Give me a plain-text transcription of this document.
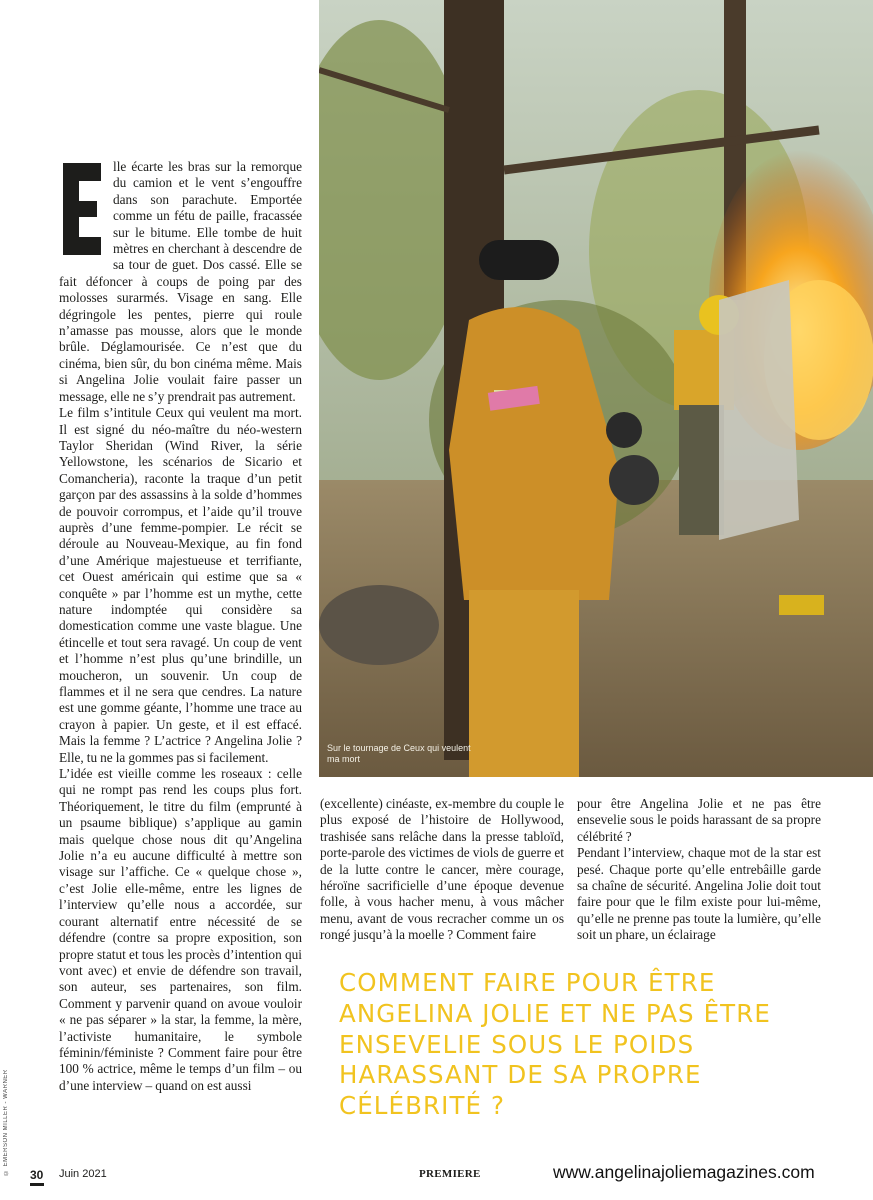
Sur le tournage de Ceux qui veulent ma mort

lle écarte les bras sur la remorque du camion et le vent s’engouffre dans son parachute. Emportée comme un fétu de paille, fracassée sur le bitume. Elle tombe de huit mètres en cherchant à descendre de sa tour de guet. Dos cassé. Elle se fait défoncer à coups de poing par des molosses surarmés. Visage en sang. Elle dégringole les pentes, pierre qui roule n’amasse pas mousse, alors que le monde brûle. Déglamourisée. Ce n’est que du cinéma, bien sûr, du bon cinéma même. Mais si Angelina Jolie voulait faire passer un message, elle ne s’y prendrait pas autrement.

Le film s’intitule Ceux qui veulent ma mort. Il est signé du néo-maître du néo-western Taylor Sheridan (Wind River, la série Yellowstone, les scénarios de Sicario et Comancheria), raconte la traque d’un petit garçon par des assassins à la solde d’hommes de pouvoir corrompus, et l’aide qu’il trouve auprès d’une femme-pompier. Le récit se déroule au Nouveau-Mexique, au fin fond d’une Amérique majestueuse et terrifiante, cet Ouest américain qui estime que sa « conquête » par l’homme est un mythe, cette nature indomptée qui considère sa domestication comme une vaste blague. Une étincelle et tout sera ravagé. Un coup de vent et l’homme n’est plus qu’une brindille, un moucheron, un souvenir. Un coup de flammes et il ne sera que cendres. La nature est une gomme géante, l’homme une trace au crayon à papier. Un geste, et il est effacé. Mais la femme ? L’actrice ? Angelina Jolie ? Elle, tu ne la gommes pas si facilement.

L’idée est vieille comme les roseaux : celle qui ne rompt pas rend les coups plus fort. Théoriquement, le titre du film (emprunté à un psaume biblique) s’applique au gamin mais quelque chose nous dit qu’Angelina Jolie n’a eu aucune difficulté à mettre son visage sur l’affiche. Ce « quelque chose », c’est Jolie elle-même, entre les lignes de l’interview qu’elle nous a accordée, sur courant alternatif entre nécessité de se défendre (contre sa propre exposition, son propre statut et tous les procès d’intention qui vont avec) et envie de défendre son travail, son auteur, ses partenaires, son film. Comment y parvenir quand on avoue vouloir « ne pas séparer » la star, la femme, la mère, l’activiste humanitaire, le symbole féminin/féministe ? Comment faire pour être 100 % actrice, même le temps d’un film – ou d’une interview – quand on est aussi

(excellente) cinéaste, ex-membre du couple le plus exposé de l’histoire de Hollywood, trashisée sans relâche dans la presse tabloïd, porte-parole des victimes de viols de guerre et de la lutte contre le cancer, mère courage, héroïne sacrificielle d’une époque devenue folle, à vous hacher menu, à vous mâcher menu, avant de vous recracher comme un os rongé jusqu’à la moelle ? Comment faire

pour être Angelina Jolie et ne pas être ensevelie sous le poids harassant de sa propre célébrité ?

Pendant l’interview, chaque mot de la star est pesé. Chaque porte qu’elle entrebâille garde sa chaîne de sécurité. Angelina Jolie doit tout faire pour que le film existe pour lui-même, qu’elle ne prenne pas toute la lumière, qu’elle soit un phare, un éclairage

COMMENT FAIRE POUR ÊTRE ANGELINA JOLIE ET NE PAS ÊTRE ENSEVELIE SOUS LE POIDS HARASSANT DE SA PROPRE CÉLÉBRITÉ ?
© EMERSON MILLER - WARNER	30 Juin 2021	PREMIERE	www.angelinajoliemagazines.com
